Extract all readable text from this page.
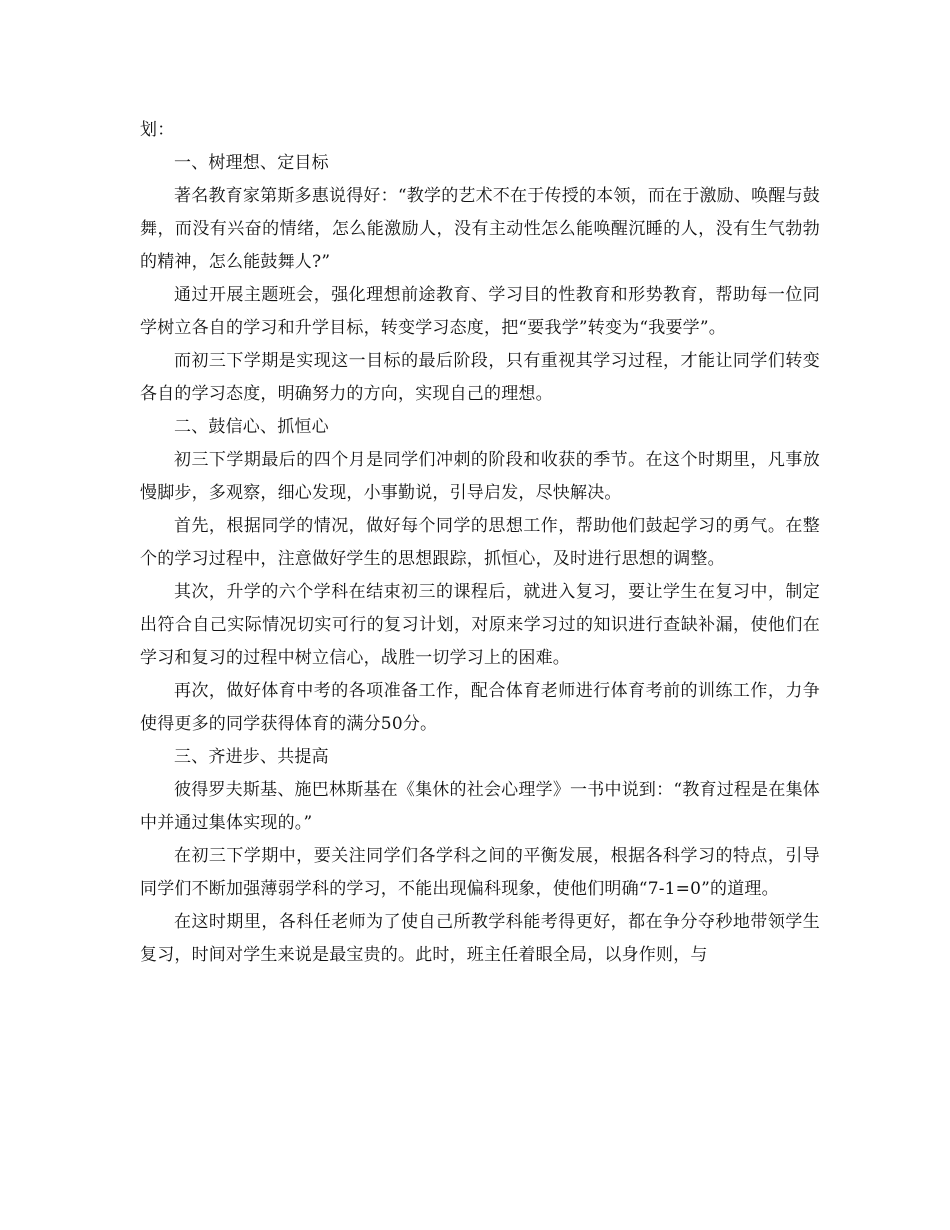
划：

一、树理想、定目标

著名教育家第斯多惠说得好：“教学的艺术不在于传授的本领，而在于激励、唤醒与鼓舞，而没有兴奋的情绪，怎么能激励人，没有主动性怎么能唤醒沉睡的人，没有生气勃勃的精神，怎么能鼓舞人?”

通过开展主题班会，强化理想前途教育、学习目的性教育和形势教育，帮助每一位同学树立各自的学习和升学目标，转变学习态度，把“要我学”转变为“我要学”。

而初三下学期是实现这一目标的最后阶段，只有重视其学习过程，才能让同学们转变各自的学习态度，明确努力的方向，实现自己的理想。

二、鼓信心、抓恒心

初三下学期最后的四个月是同学们冲刺的阶段和收获的季节。在这个时期里，凡事放慢脚步，多观察，细心发现，小事勤说，引导启发，尽快解决。

首先，根据同学的情况，做好每个同学的思想工作，帮助他们鼓起学习的勇气。在整个的学习过程中，注意做好学生的思想跟踪，抓恒心，及时进行思想的调整。

其次，升学的六个学科在结束初三的课程后，就进入复习，要让学生在复习中，制定出符合自己实际情况切实可行的复习计划，对原来学习过的知识进行查缺补漏，使他们在学习和复习的过程中树立信心，战胜一切学习上的困难。

再次，做好体育中考的各项准备工作，配合体育老师进行体育考前的训练工作，力争使得更多的同学获得体育的满分50分。

三、齐进步、共提高

彼得罗夫斯基、施巴林斯基在《集休的社会心理学》一书中说到：“教育过程是在集体中并通过集体实现的。”

在初三下学期中，要关注同学们各学科之间的平衡发展，根据各科学习的特点，引导同学们不断加强薄弱学科的学习，不能出现偏科现象，使他们明确“7-1=0”的道理。

在这时期里，各科任老师为了使自己所教学科能考得更好，都在争分夺秒地带领学生复习，时间对学生来说是最宝贵的。此时，班主任着眼全局，以身作则，与
